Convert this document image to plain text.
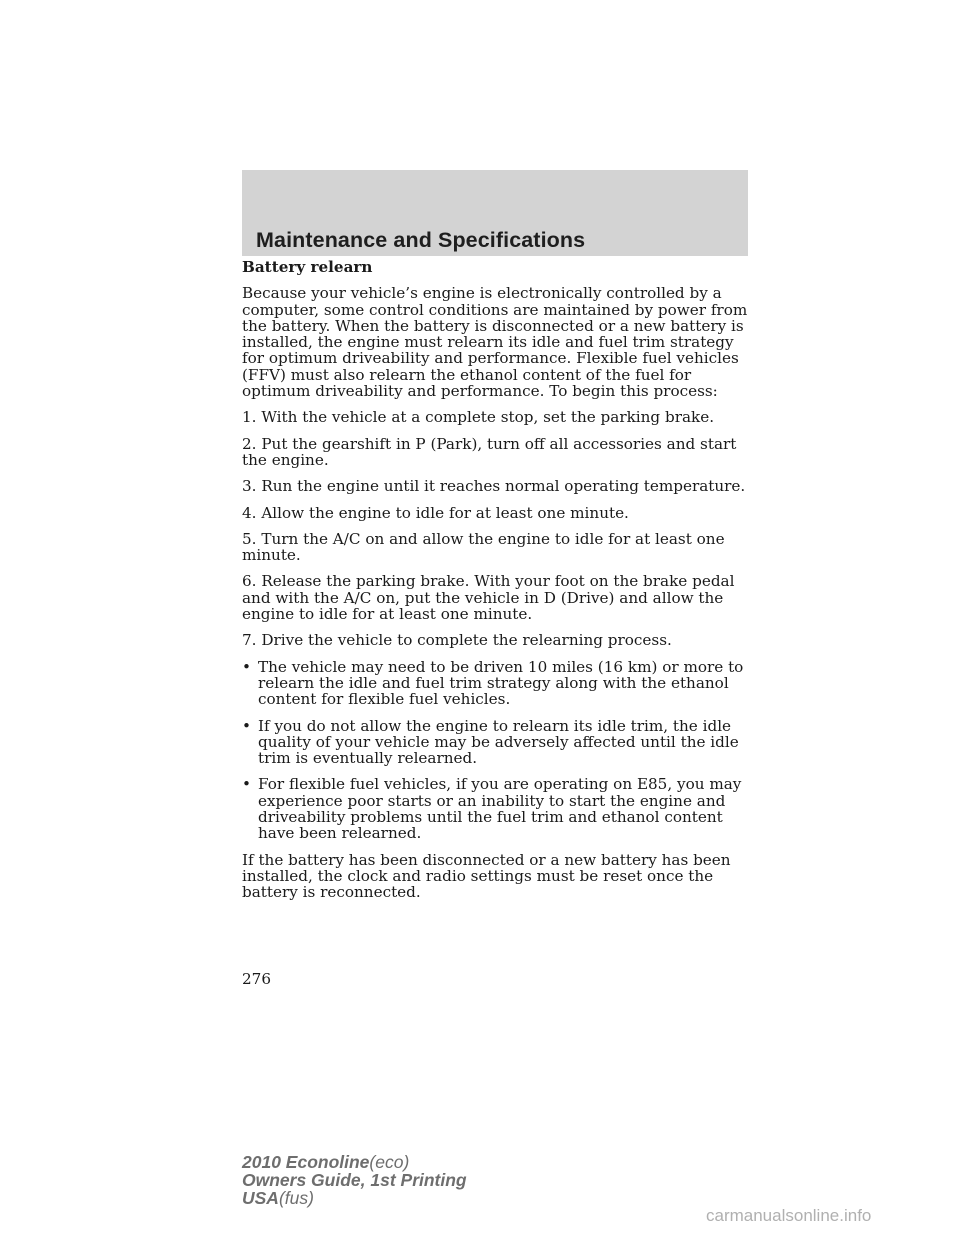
Maintenance and Specifications
Battery relearn

Because your vehicle’s engine is electronically controlled by a computer, some control conditions are maintained by power from the battery. When the battery is disconnected or a new battery is installed, the engine must relearn its idle and fuel trim strategy for optimum driveability and performance. Flexible fuel vehicles (FFV) must also relearn the ethanol content of the fuel for optimum driveability and performance. To begin this process:

1. With the vehicle at a complete stop, set the parking brake.

2. Put the gearshift in P (Park), turn off all accessories and start the engine.

3. Run the engine until it reaches normal operating temperature.

4. Allow the engine to idle for at least one minute.

5. Turn the A/C on and allow the engine to idle for at least one minute.

6. Release the parking brake. With your foot on the brake pedal and with the A/C on, put the vehicle in D (Drive) and allow the engine to idle for at least one minute.

7. Drive the vehicle to complete the relearning process.

• The vehicle may need to be driven 10 miles (16 km) or more to relearn the idle and fuel trim strategy along with the ethanol content for flexible fuel vehicles.
• If you do not allow the engine to relearn its idle trim, the idle quality of your vehicle may be adversely affected until the idle trim is eventually relearned.
• For flexible fuel vehicles, if you are operating on E85, you may experience poor starts or an inability to start the engine and driveability problems until the fuel trim and ethanol content have been relearned.

If the battery has been disconnected or a new battery has been installed, the clock and radio settings must be reset once the battery is reconnected.

276
2010 Econoline(eco)
Owners Guide, 1st Printing
USA(fus)
carmanualsonline.info
